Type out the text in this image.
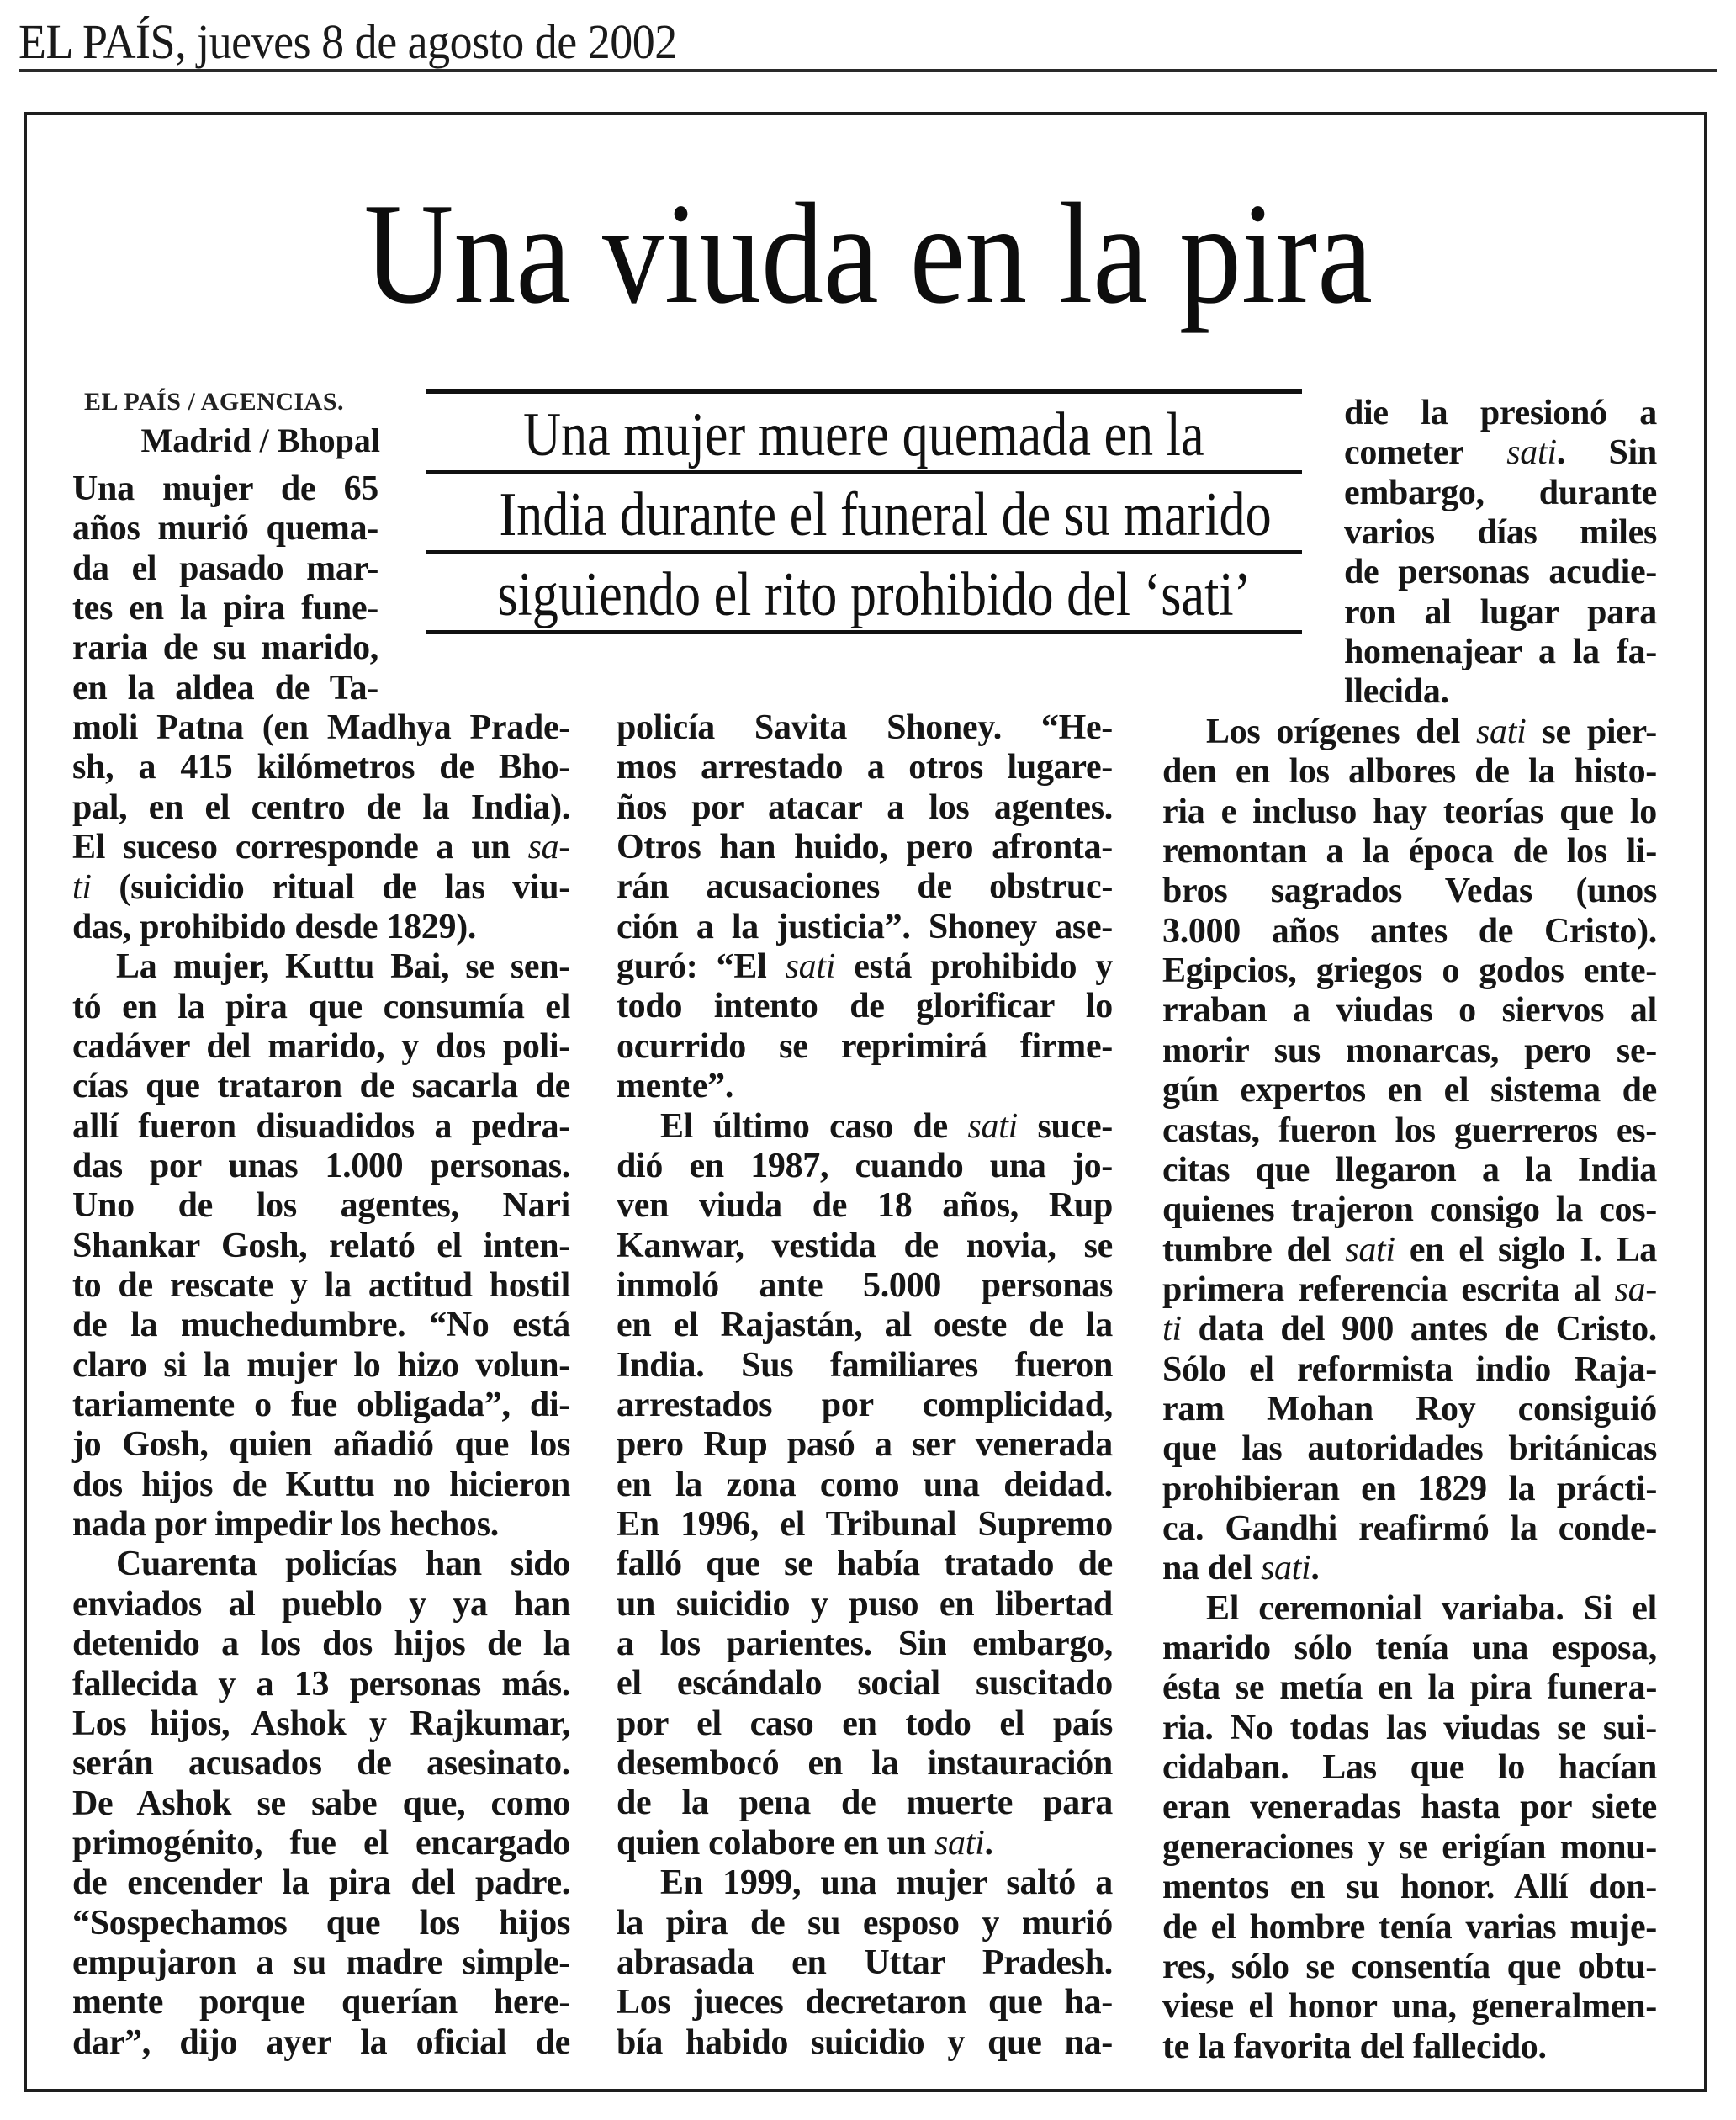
EL PAÍS, jueves 8 de agosto de 2002
Una viuda en la pira
Una mujer muere quemada en la
India durante el funeral de su marido
siguiendo el rito prohibido del ‘sati’
EL PAÍS / AGENCIAS.
Madrid / Bhopal
Una mujer de 65
años murió quema-
da el pasado mar-
tes en la pira fune-
raria de su marido,
en la aldea de Ta-
moli Patna (en Madhya Prade-
sh, a 415 kilómetros de Bho-
pal, en el centro de la India).
El suceso corresponde a un sa-
ti (suicidio ritual de las viu-
das, prohibido desde 1829).
La mujer, Kuttu Bai, se sen-
tó en la pira que consumía el
cadáver del marido, y dos poli-
cías que trataron de sacarla de
allí fueron disuadidos a pedra-
das por unas 1.000 personas.
Uno de los agentes, Nari
Shankar Gosh, relató el inten-
to de rescate y la actitud hostil
de la muchedumbre. “No está
claro si la mujer lo hizo volun-
tariamente o fue obligada”, di-
jo Gosh, quien añadió que los
dos hijos de Kuttu no hicieron
nada por impedir los hechos.
Cuarenta policías han sido
enviados al pueblo y ya han
detenido a los dos hijos de la
fallecida y a 13 personas más.
Los hijos, Ashok y Rajkumar,
serán acusados de asesinato.
De Ashok se sabe que, como
primogénito, fue el encargado
de encender la pira del padre.
“Sospechamos que los hijos
empujaron a su madre simple-
mente porque querían here-
dar”, dijo ayer la oficial de
policía Savita Shoney. “He-
mos arrestado a otros lugare-
ños por atacar a los agentes.
Otros han huido, pero afronta-
rán acusaciones de obstruc-
ción a la justicia”. Shoney ase-
guró: “El sati está prohibido y
todo intento de glorificar lo
ocurrido se reprimirá firme-
mente”.
El último caso de sati suce-
dió en 1987, cuando una jo-
ven viuda de 18 años, Rup
Kanwar, vestida de novia, se
inmoló ante 5.000 personas
en el Rajastán, al oeste de la
India. Sus familiares fueron
arrestados por complicidad,
pero Rup pasó a ser venerada
en la zona como una deidad.
En 1996, el Tribunal Supremo
falló que se había tratado de
un suicidio y puso en libertad
a los parientes. Sin embargo,
el escándalo social suscitado
por el caso en todo el país
desembocó en la instauración
de la pena de muerte para
quien colabore en un sati.
En 1999, una mujer saltó a
la pira de su esposo y murió
abrasada en Uttar Pradesh.
Los jueces decretaron que ha-
bía habido suicidio y que na-
die la presionó a
cometer sati. Sin
embargo, durante
varios días miles
de personas acudie-
ron al lugar para
homenajear a la fa-
llecida.
Los orígenes del sati se pier-
den en los albores de la histo-
ria e incluso hay teorías que lo
remontan a la época de los li-
bros sagrados Vedas (unos
3.000 años antes de Cristo).
Egipcios, griegos o godos ente-
rraban a viudas o siervos al
morir sus monarcas, pero se-
gún expertos en el sistema de
castas, fueron los guerreros es-
citas que llegaron a la India
quienes trajeron consigo la cos-
tumbre del sati en el siglo I. La
primera referencia escrita al sa-
ti data del 900 antes de Cristo.
Sólo el reformista indio Raja-
ram Mohan Roy consiguió
que las autoridades británicas
prohibieran en 1829 la prácti-
ca. Gandhi reafirmó la conde-
na del sati.
El ceremonial variaba. Si el
marido sólo tenía una esposa,
ésta se metía en la pira funera-
ria. No todas las viudas se sui-
cidaban. Las que lo hacían
eran veneradas hasta por siete
generaciones y se erigían monu-
mentos en su honor. Allí don-
de el hombre tenía varias muje-
res, sólo se consentía que obtu-
viese el honor una, generalmen-
te la favorita del fallecido.
